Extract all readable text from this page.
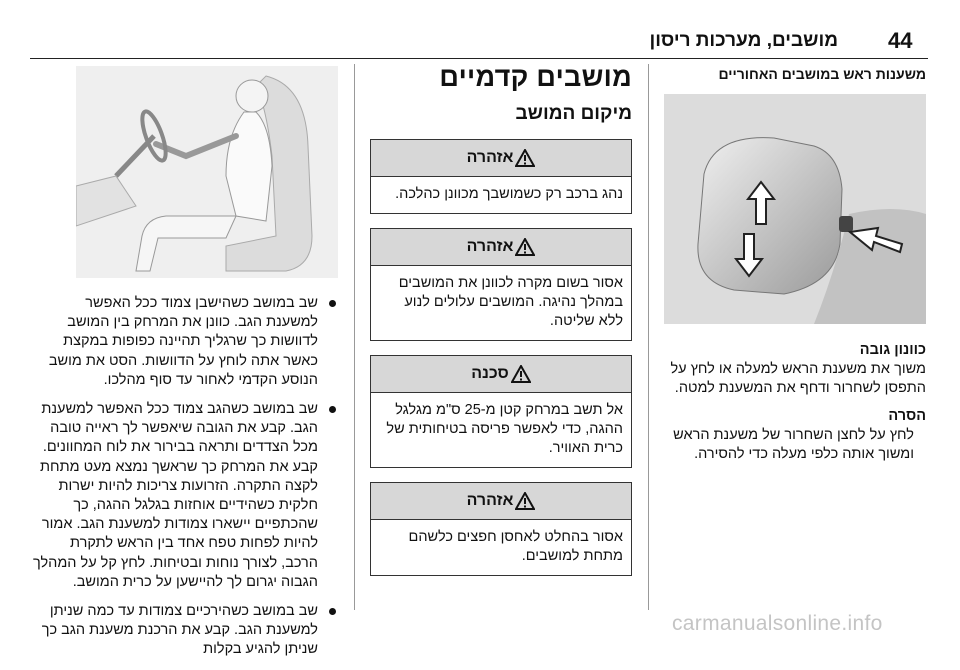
44
מושבים, מערכות ריסון
משענות ראש במושבים האחוריים
כוונון גובה

משוך את משענת הראש למעלה או לחץ על התפסן לשחרור ודחף את המשענת למטה.

הסרה

לחץ על לחצן השחרור של משענת הראש ומשוך אותה כלפי מעלה כדי להסירה.

מושבים קדמיים
מיקום המושב
אזהרה
נהג ברכב רק כשמושבך מכוונן כהלכה.
אזהרה
אסור בשום מקרה לכוונן את המושבים במהלך נהיגה. המושבים עלולים לנוע ללא שליטה.
סכנה
אל תשב במרחק קטן מ-25 ס"מ מגלגל ההגה, כדי לאפשר פריסה בטיחותית של כרית האוויר.
אזהרה
אסור בהחלט לאחסן חפצים כלשהם מתחת למושבים.
שב במושב כשהישבן צמוד ככל האפשר למשענת הגב. כוונן את המרחק בין המושב לדוושות כך שרגליך תהיינה כפופות במקצת כאשר אתה לוחץ על הדוושות. הסט את מושב הנוסע הקדמי לאחור עד סוף מהלכו.
שב במושב כשהגב צמוד ככל האפשר למשענת הגב. קבע את הגובה שיאפשר לך ראייה טובה מכל הצדדים ותראה בבירור את לוח המחוונים. קבע את המרחק כך שראשך נמצא מעט מתחת לקצה התקרה. הזרועות צריכות להיות ישרות חלקית כשהידיים אוחזות בגלגל ההגה, כך שהכתפיים יישארו צמודות למשענת הגב. אמור להיות לפחות טפח אחד בין הראש לתקרת הרכב, לצורך נוחות ובטיחות. לחץ קל על המהלך הגבוה יגרום לך להיישען על כרית המושב.
שב במושב כשהירכיים צמודות עד כמה שניתן למשענת הגב. קבע את הרכנת משענת הגב כך שניתן להגיע בקלות
carmanualsonline.info
